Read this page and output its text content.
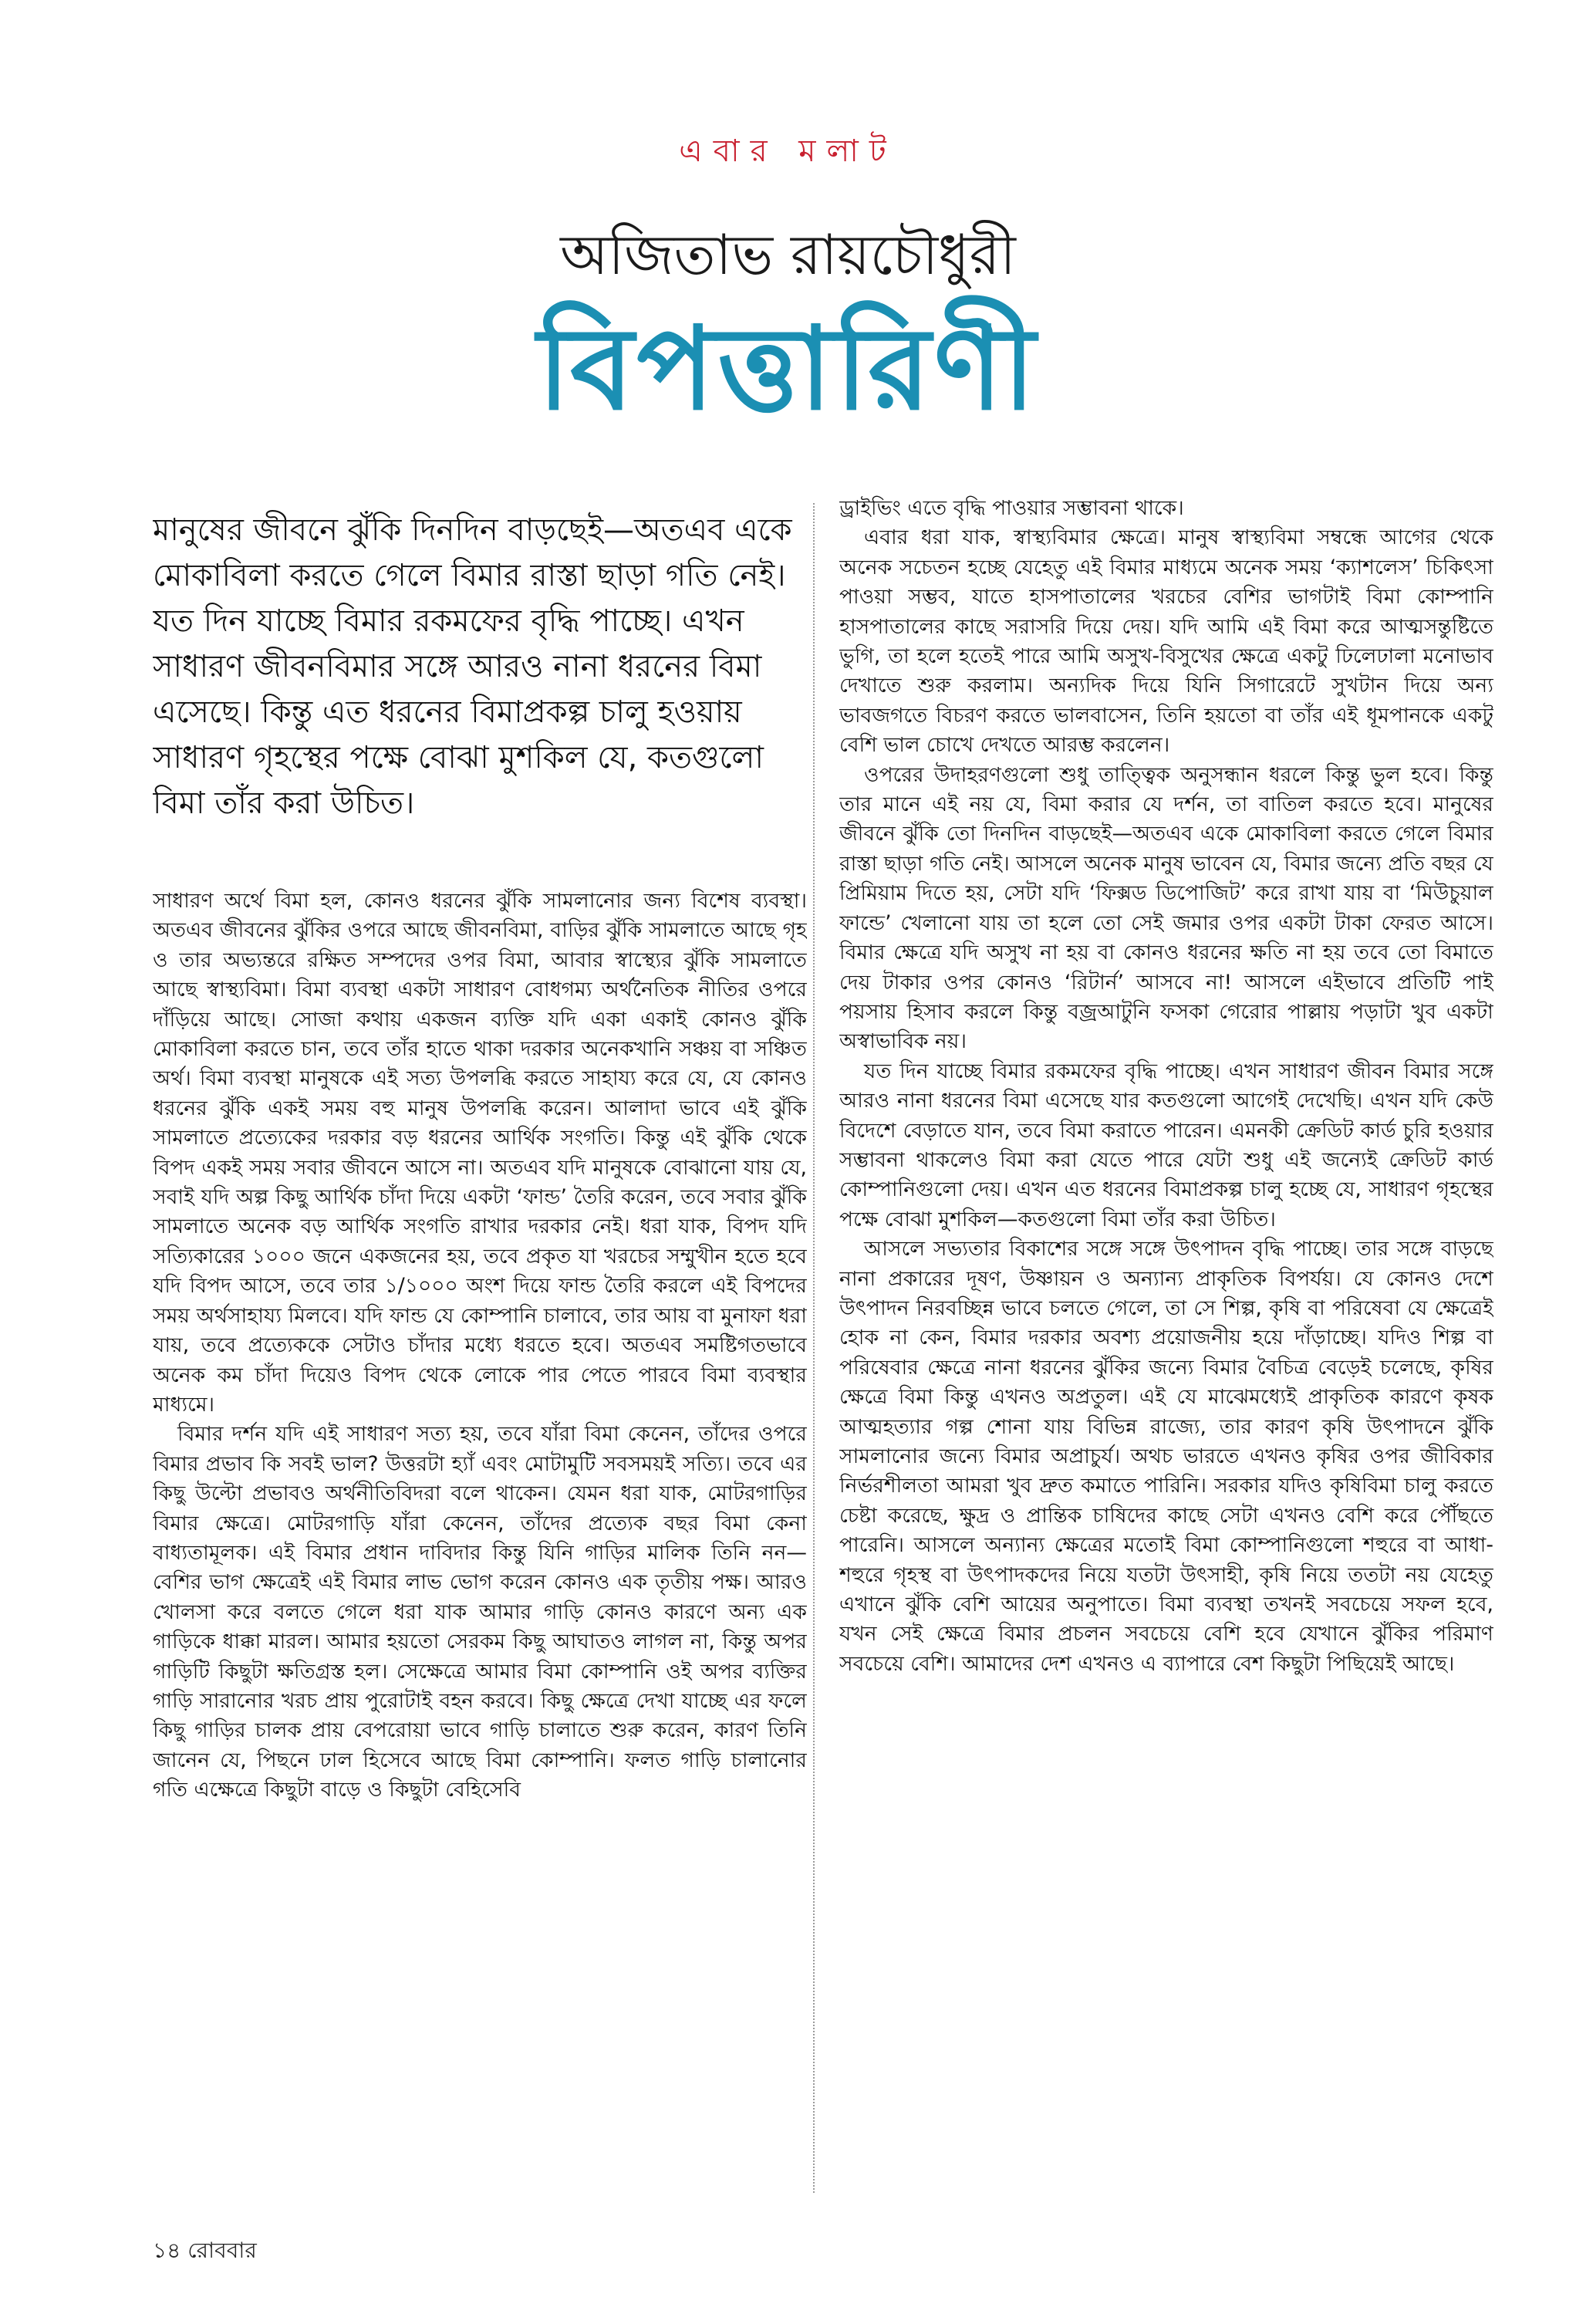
এবার মলাট
অজিতাভ রায়চৌধুরী
বিপত্তারিণী

মানুষের জীবনে ঝুঁকি দিনদিন বাড়ছেই—অতএব একে মোকাবিলা করতে গেলে বিমার রাস্তা ছাড়া গতি নেই। যত দিন যাচ্ছে বিমার রকমফের বৃদ্ধি পাচ্ছে। এখন সাধারণ জীবনবিমার সঙ্গে আরও নানা ধরনের বিমা এসেছে। কিন্তু এত ধরনের বিমাপ্রকল্প চালু হওয়ায় সাধারণ গৃহস্থের পক্ষে বোঝা মুশকিল যে, কতগুলো বিমা তাঁর করা উচিত।

সাধারণ অর্থে বিমা হল, কোনও ধরনের ঝুঁকি সামলানোর জন্য বিশেষ ব্যবস্থা। অতএব জীবনের ঝুঁকির ওপরে আছে জীবনবিমা, বাড়ির ঝুঁকি সামলাতে আছে গৃহ ও তার অভ্যন্তরে রক্ষিত সম্পদের ওপর বিমা, আবার স্বাস্থ্যের ঝুঁকি সামলাতে আছে স্বাস্থ্যবিমা। বিমা ব্যবস্থা একটা সাধারণ বোধগম্য অর্থনৈতিক নীতির ওপরে দাঁড়িয়ে আছে। সোজা কথায় একজন ব্যক্তি যদি একা একাই কোনও ঝুঁকি মোকাবিলা করতে চান, তবে তাঁর হাতে থাকা দরকার অনেকখানি সঞ্চয় বা সঞ্চিত অর্থ। বিমা ব্যবস্থা মানুষকে এই সত্য উপলব্ধি করতে সাহায্য করে যে, যে কোনও ধরনের ঝুঁকি একই সময় বহু মানুষ উপলব্ধি করেন। আলাদা ভাবে এই ঝুঁকি সামলাতে প্রত্যেকের দরকার বড় ধরনের আর্থিক সংগতি। কিন্তু এই ঝুঁকি থেকে বিপদ একই সময় সবার জীবনে আসে না। অতএব যদি মানুষকে বোঝানো যায় যে, সবাই যদি অল্প কিছু আর্থিক চাঁদা দিয়ে একটা ‘ফান্ড’ তৈরি করেন, তবে সবার ঝুঁকি সামলাতে অনেক বড় আর্থিক সংগতি রাখার দরকার নেই। ধরা যাক, বিপদ যদি সত্যিকারের ১০০০ জনে একজনের হয়, তবে প্রকৃত যা খরচের সম্মুখীন হতে হবে যদি বিপদ আসে, তবে তার ১/১০০০ অংশ দিয়ে ফান্ড তৈরি করলে এই বিপদের সময় অর্থসাহায্য মিলবে। যদি ফান্ড যে কোম্পানি চালাবে, তার আয় বা মুনাফা ধরা যায়, তবে প্রত্যেককে সেটাও চাঁদার মধ্যে ধরতে হবে। অতএব সমষ্টিগতভাবে অনেক কম চাঁদা দিয়েও বিপদ থেকে লোকে পার পেতে পারবে বিমা ব্যবস্থার মাধ্যমে।

বিমার দর্শন যদি এই সাধারণ সত্য হয়, তবে যাঁরা বিমা কেনেন, তাঁদের ওপরে বিমার প্রভাব কি সবই ভাল? উত্তরটা হ্যাঁ এবং মোটামুটি সবসময়ই সত্যি। তবে এর কিছু উল্টো প্রভাবও অর্থনীতিবিদরা বলে থাকেন। যেমন ধরা যাক, মোটরগাড়ির বিমার ক্ষেত্রে। মোটরগাড়ি যাঁরা কেনেন, তাঁদের প্রত্যেক বছর বিমা কেনা বাধ্যতামূলক। এই বিমার প্রধান দাবিদার কিন্তু যিনি গাড়ির মালিক তিনি নন—বেশির ভাগ ক্ষেত্রেই এই বিমার লাভ ভোগ করেন কোনও এক তৃতীয় পক্ষ। আরও খোলসা করে বলতে গেলে ধরা যাক আমার গাড়ি কোনও কারণে অন্য এক গাড়িকে ধাক্কা মারল। আমার হয়তো সেরকম কিছু আঘাতও লাগল না, কিন্তু অপর গাড়িটি কিছুটা ক্ষতিগ্রস্ত হল। সেক্ষেত্রে আমার বিমা কোম্পানি ওই অপর ব্যক্তির গাড়ি সারানোর খরচ প্রায় পুরোটাই বহন করবে। কিছু ক্ষেত্রে দেখা যাচ্ছে এর ফলে কিছু গাড়ির চালক প্রায় বেপরোয়া ভাবে গাড়ি চালাতে শুরু করেন, কারণ তিনি জানেন যে, পিছনে ঢাল হিসেবে আছে বিমা কোম্পানি। ফলত গাড়ি চালানোর গতি এক্ষেত্রে কিছুটা বাড়ে ও কিছুটা বেহিসেবি

ড্রাইভিং এতে বৃদ্ধি পাওয়ার সম্ভাবনা থাকে।

এবার ধরা যাক, স্বাস্থ্যবিমার ক্ষেত্রে। মানুষ স্বাস্থ্যবিমা সম্বন্ধে আগের থেকে অনেক সচেতন হচ্ছে যেহেতু এই বিমার মাধ্যমে অনেক সময় ‘ক্যাশলেস’ চিকিৎসা পাওয়া সম্ভব, যাতে হাসপাতালের খরচের বেশির ভাগটাই বিমা কোম্পানি হাসপাতালের কাছে সরাসরি দিয়ে দেয়। যদি আমি এই বিমা করে আত্মসন্তুষ্টিতে ভুগি, তা হলে হতেই পারে আমি অসুখ-বিসুখের ক্ষেত্রে একটু ঢিলেঢালা মনোভাব দেখাতে শুরু করলাম। অন্যদিক দিয়ে যিনি সিগারেটে সুখটান দিয়ে অন্য ভাবজগতে বিচরণ করতে ভালবাসেন, তিনি হয়তো বা তাঁর এই ধূমপানকে একটু বেশি ভাল চোখে দেখতে আরম্ভ করলেন।

ওপরের উদাহরণগুলো শুধু তাত্ত্বিক অনুসন্ধান ধরলে কিন্তু ভুল হবে। কিন্তু তার মানে এই নয় যে, বিমা করার যে দর্শন, তা বাতিল করতে হবে। মানুষের জীবনে ঝুঁকি তো দিনদিন বাড়ছেই—অতএব একে মোকাবিলা করতে গেলে বিমার রাস্তা ছাড়া গতি নেই। আসলে অনেক মানুষ ভাবেন যে, বিমার জন্যে প্রতি বছর যে প্রিমিয়াম দিতে হয়, সেটা যদি ‘ফিক্সড ডিপোজিট’ করে রাখা যায় বা ‘মিউচুয়াল ফান্ডে’ খেলানো যায় তা হলে তো সেই জমার ওপর একটা টাকা ফেরত আসে। বিমার ক্ষেত্রে যদি অসুখ না হয় বা কোনও ধরনের ক্ষতি না হয় তবে তো বিমাতে দেয় টাকার ওপর কোনও ‘রিটার্ন’ আসবে না! আসলে এইভাবে প্রতিটি পাই পয়সায় হিসাব করলে কিন্তু বজ্রআটুনি ফসকা গেরোর পাল্লায় পড়াটা খুব একটা অস্বাভাবিক নয়।

যত দিন যাচ্ছে বিমার রকমফের বৃদ্ধি পাচ্ছে। এখন সাধারণ জীবন বিমার সঙ্গে আরও নানা ধরনের বিমা এসেছে যার কতগুলো আগেই দেখেছি। এখন যদি কেউ বিদেশে বেড়াতে যান, তবে বিমা করাতে পারেন। এমনকী ক্রেডিট কার্ড চুরি হওয়ার সম্ভাবনা থাকলেও বিমা করা যেতে পারে যেটা শুধু এই জন্যেই ক্রেডিট কার্ড কোম্পানিগুলো দেয়। এখন এত ধরনের বিমাপ্রকল্প চালু হচ্ছে যে, সাধারণ গৃহস্থের পক্ষে বোঝা মুশকিল—কতগুলো বিমা তাঁর করা উচিত।

আসলে সভ্যতার বিকাশের সঙ্গে সঙ্গে উৎপাদন বৃদ্ধি পাচ্ছে। তার সঙ্গে বাড়ছে নানা প্রকারের দূষণ, উষ্ণায়ন ও অন্যান্য প্রাকৃতিক বিপর্যয়। যে কোনও দেশে উৎপাদন নিরবচ্ছিন্ন ভাবে চলতে গেলে, তা সে শিল্প, কৃষি বা পরিষেবা যে ক্ষেত্রেই হোক না কেন, বিমার দরকার অবশ্য প্রয়োজনীয় হয়ে দাঁড়াচ্ছে। যদিও শিল্প বা পরিষেবার ক্ষেত্রে নানা ধরনের ঝুঁকির জন্যে বিমার বৈচিত্র বেড়েই চলেছে, কৃষির ক্ষেত্রে বিমা কিন্তু এখনও অপ্রতুল। এই যে মাঝেমধ্যেই প্রাকৃতিক কারণে কৃষক আত্মহত্যার গল্প শোনা যায় বিভিন্ন রাজ্যে, তার কারণ কৃষি উৎপাদনে ঝুঁকি সামলানোর জন্যে বিমার অপ্রাচুর্য। অথচ ভারতে এখনও কৃষির ওপর জীবিকার নির্ভরশীলতা আমরা খুব দ্রুত কমাতে পারিনি। সরকার যদিও কৃষিবিমা চালু করতে চেষ্টা করেছে, ক্ষুদ্র ও প্রান্তিক চাষিদের কাছে সেটা এখনও বেশি করে পৌঁছতে পারেনি। আসলে অন্যান্য ক্ষেত্রের মতোই বিমা কোম্পানিগুলো শহুরে বা আধা-শহুরে গৃহস্থ বা উৎপাদকদের নিয়ে যতটা উৎসাহী, কৃষি নিয়ে ততটা নয় যেহেতু এখানে ঝুঁকি বেশি আয়ের অনুপাতে। বিমা ব্যবস্থা তখনই সবচেয়ে সফল হবে, যখন সেই ক্ষেত্রে বিমার প্রচলন সবচেয়ে বেশি হবে যেখানে ঝুঁকির পরিমাণ সবচেয়ে বেশি। আমাদের দেশ এখনও এ ব্যাপারে বেশ কিছুটা পিছিয়েই আছে।

১৪ রোববার
